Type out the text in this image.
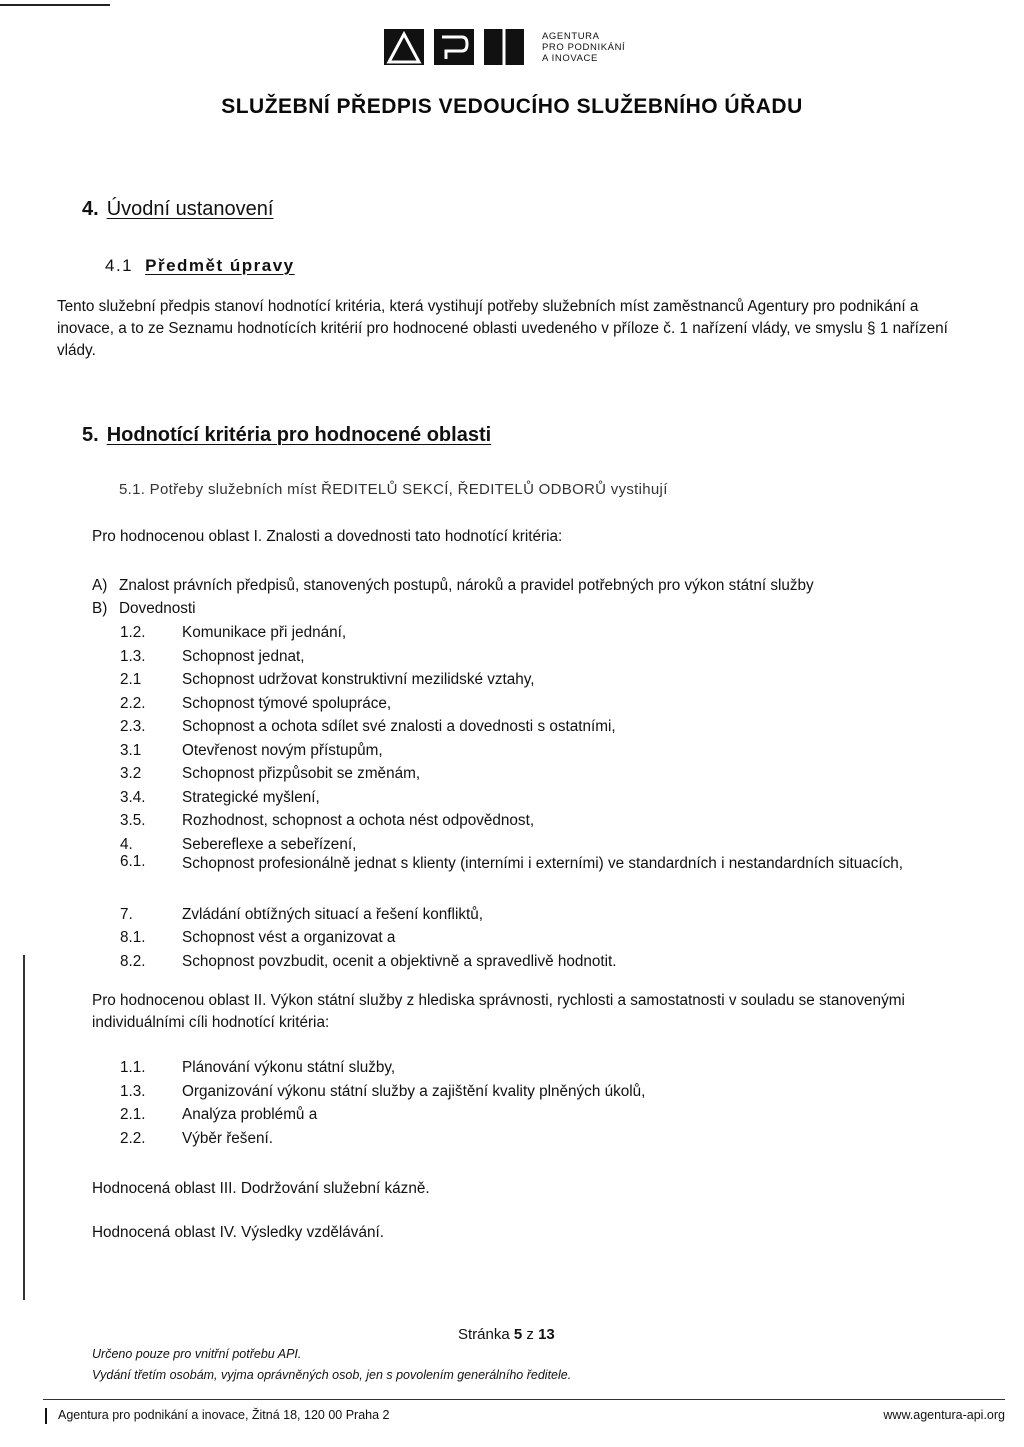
AGENTURA
PRO PODNIKÁNÍ
A INOVACE
SLUŽEBNÍ PŘEDPIS VEDOUCÍHO SLUŽEBNÍHO ÚŘADU
4. Úvodní ustanovení
4.1 Předmět úpravy
Tento služební předpis stanoví hodnotící kritéria, která vystihují potřeby služebních míst zaměstnanců Agentury pro podnikání a inovace, a to ze Seznamu hodnotících kritérií pro hodnocené oblasti uvedeného v příloze č. 1 nařízení vlády, ve smyslu § 1 nařízení vlády.
5. Hodnotící kritéria pro hodnocené oblasti
5.1. Potřeby služebních míst ŘEDITELŮ SEKCÍ, ŘEDITELŮ ODBORŮ vystihují
Pro hodnocenou oblast I. Znalosti a dovednosti tato hodnotící kritéria:
A) Znalost právních předpisů, stanovených postupů, nároků a pravidel potřebných pro výkon státní služby
B) Dovednosti
1.2. Komunikace při jednání,
1.3. Schopnost jednat,
2.1	Schopnost udržovat konstruktivní mezilidské vztahy,
2.2. Schopnost týmové spolupráce,
2.3. Schopnost a ochota sdílet své znalosti a dovednosti s ostatními,
3.1	Otevřenost novým přístupům,
3.2	Schopnost přizpůsobit se změnám,
3.4. Strategické myšlení,
3.5. Rozhodnost, schopnost a ochota nést odpovědnost,
4.	Sebereflexe a sebeřízení,
6.1. Schopnost profesionálně jednat s klienty (interními i externími) ve standardních i nestandardních situacích,
7.	Zvládání obtížných situací a řešení konfliktů,
8.1. Schopnost vést a organizovat a
8.2. Schopnost povzbudit, ocenit a objektivně a spravedlivě hodnotit.
Pro hodnocenou oblast II. Výkon státní služby z hlediska správnosti, rychlosti a samostatnosti v souladu se stanovenými individuálními cíli hodnotící kritéria:
1.1. Plánování výkonu státní služby,
1.3. Organizování výkonu státní služby a zajištění kvality plněných úkolů,
2.1. Analýza problémů a
2.2. Výběr řešení.
Hodnocená oblast III. Dodržování služební kázně.
Hodnocená oblast IV. Výsledky vzdělávání.
Stránka 5 z 13
Určeno pouze pro vnitřní potřebu API.
Vydání třetím osobám, vyjma oprávněných osob, jen s povolením generálního ředitele.
Agentura pro podnikání a inovace, Žitná 18, 120 00 Praha 2	www.agentura-api.org
